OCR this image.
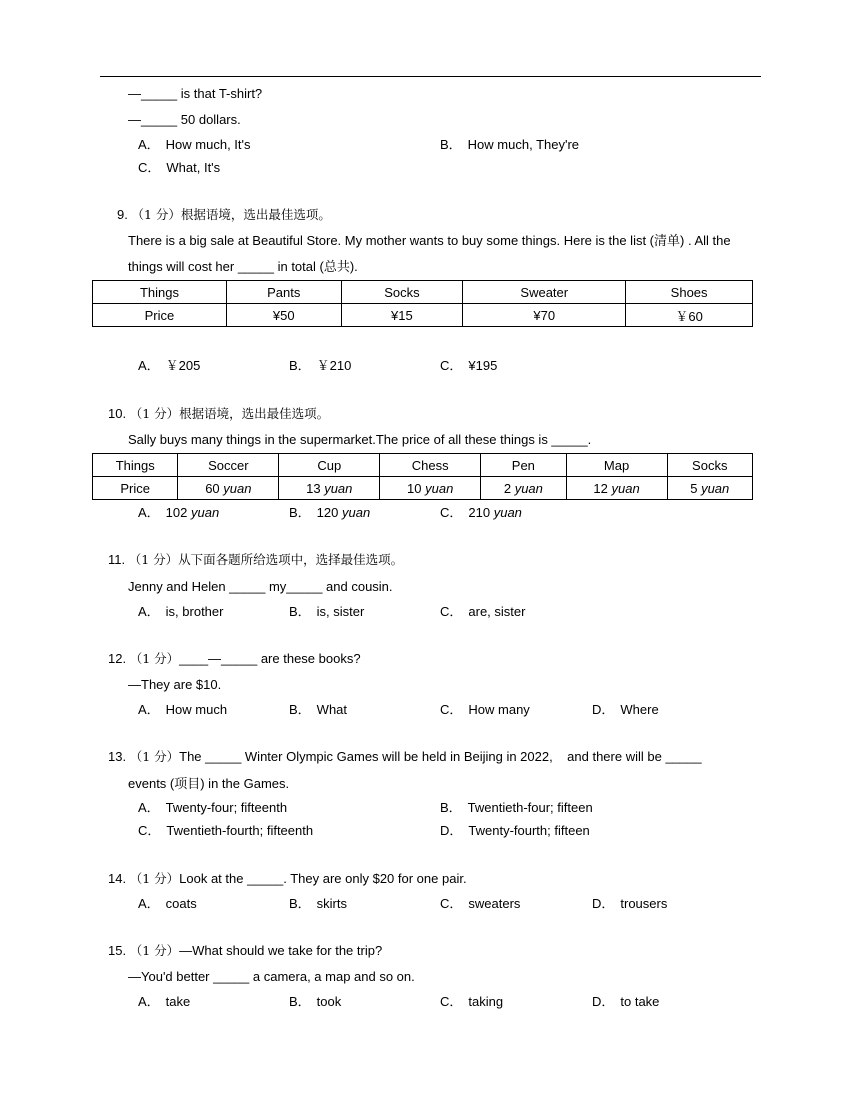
—_____ is that T-shirt?
—_____ 50 dollars.
A． How much, It's	B． How much, They're
C． What, It's
9. （1 分）根据语境，选出最佳选项。
There is a big sale at Beautiful Store. My mother wants to buy some things. Here is the list (清单) . All the
things will cost her _____ in total (总共).
Things	Pants	Socks	Sweater	Shoes
Price	¥50	¥15	¥70	￥60
A． ￥205	B． ￥210	C． ¥195
10. （1 分）根据语境，选出最佳选项。
Sally buys many things in the supermarket.The price of all these things is _____.
Things	Soccer	Cup	Chess	Pen	Map	Socks
Price	60 yuan	13 yuan	10 yuan	2 yuan	12 yuan	5 yuan
A． 102 yuan	B． 120 yuan	C． 210 yuan
11. （1 分）从下面各题所给选项中，选择最佳选项。
Jenny and Helen _____ my_____ and cousin.
A． is, brother	B． is, sister	C． are, sister
12. （1 分）____—_____ are these books?
—They are $10.
A． How much	B． What	C． How many	D． Where
13. （1 分）The _____ Winter Olympic Games will be held in Beijing in 2022,    and there will be _____
events (项目) in the Games.
A． Twenty-four; fifteenth	B． Twentieth-four; fifteen
C． Twentieth-fourth; fifteenth	D． Twenty-fourth; fifteen
14. （1 分）Look at the _____. They are only $20 for one pair.
A． coats	B． skirts	C． sweaters	D． trousers
15. （1 分）—What should we take for the trip?
—You'd better _____ a camera, a map and so on.
A． take	B． took	C． taking	D． to take
